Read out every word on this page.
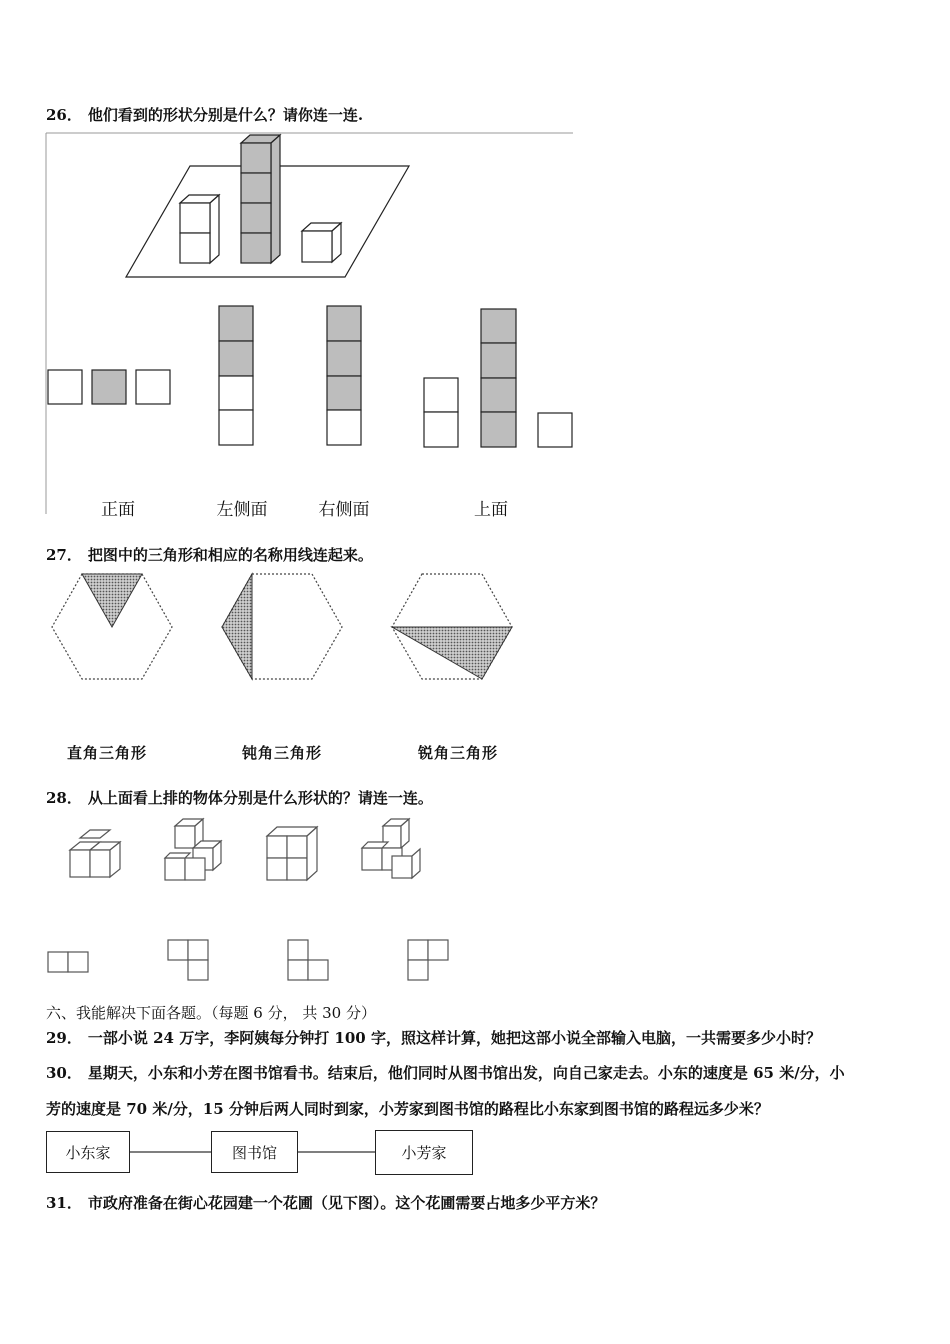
26． 他们看到的形状分别是什么？请你连一连.
正面	左侧面	右侧面	上面
27． 把图中的三角形和相应的名称用线连起来。
直角三角形	钝角三角形	锐角三角形
28． 从上面看上排的物体分别是什么形状的？请连一连。
六、我能解决下面各题。（每题 6 分， 共 30 分）
29． 一部小说 24 万字，李阿姨每分钟打 100 字，照这样计算，她把这部小说全部输入电脑，一共需要多少小时？
30． 星期天，小东和小芳在图书馆看书。结束后，他们同时从图书馆出发，向自己家走去。小东的速度是 65 米/分，小
芳的速度是 70 米/分，15 分钟后两人同时到家，小芳家到图书馆的路程比小东家到图书馆的路程远多少米？
小东家	图书馆	小芳家
31． 市政府准备在街心花园建一个花圃（见下图）。这个花圃需要占地多少平方米？
